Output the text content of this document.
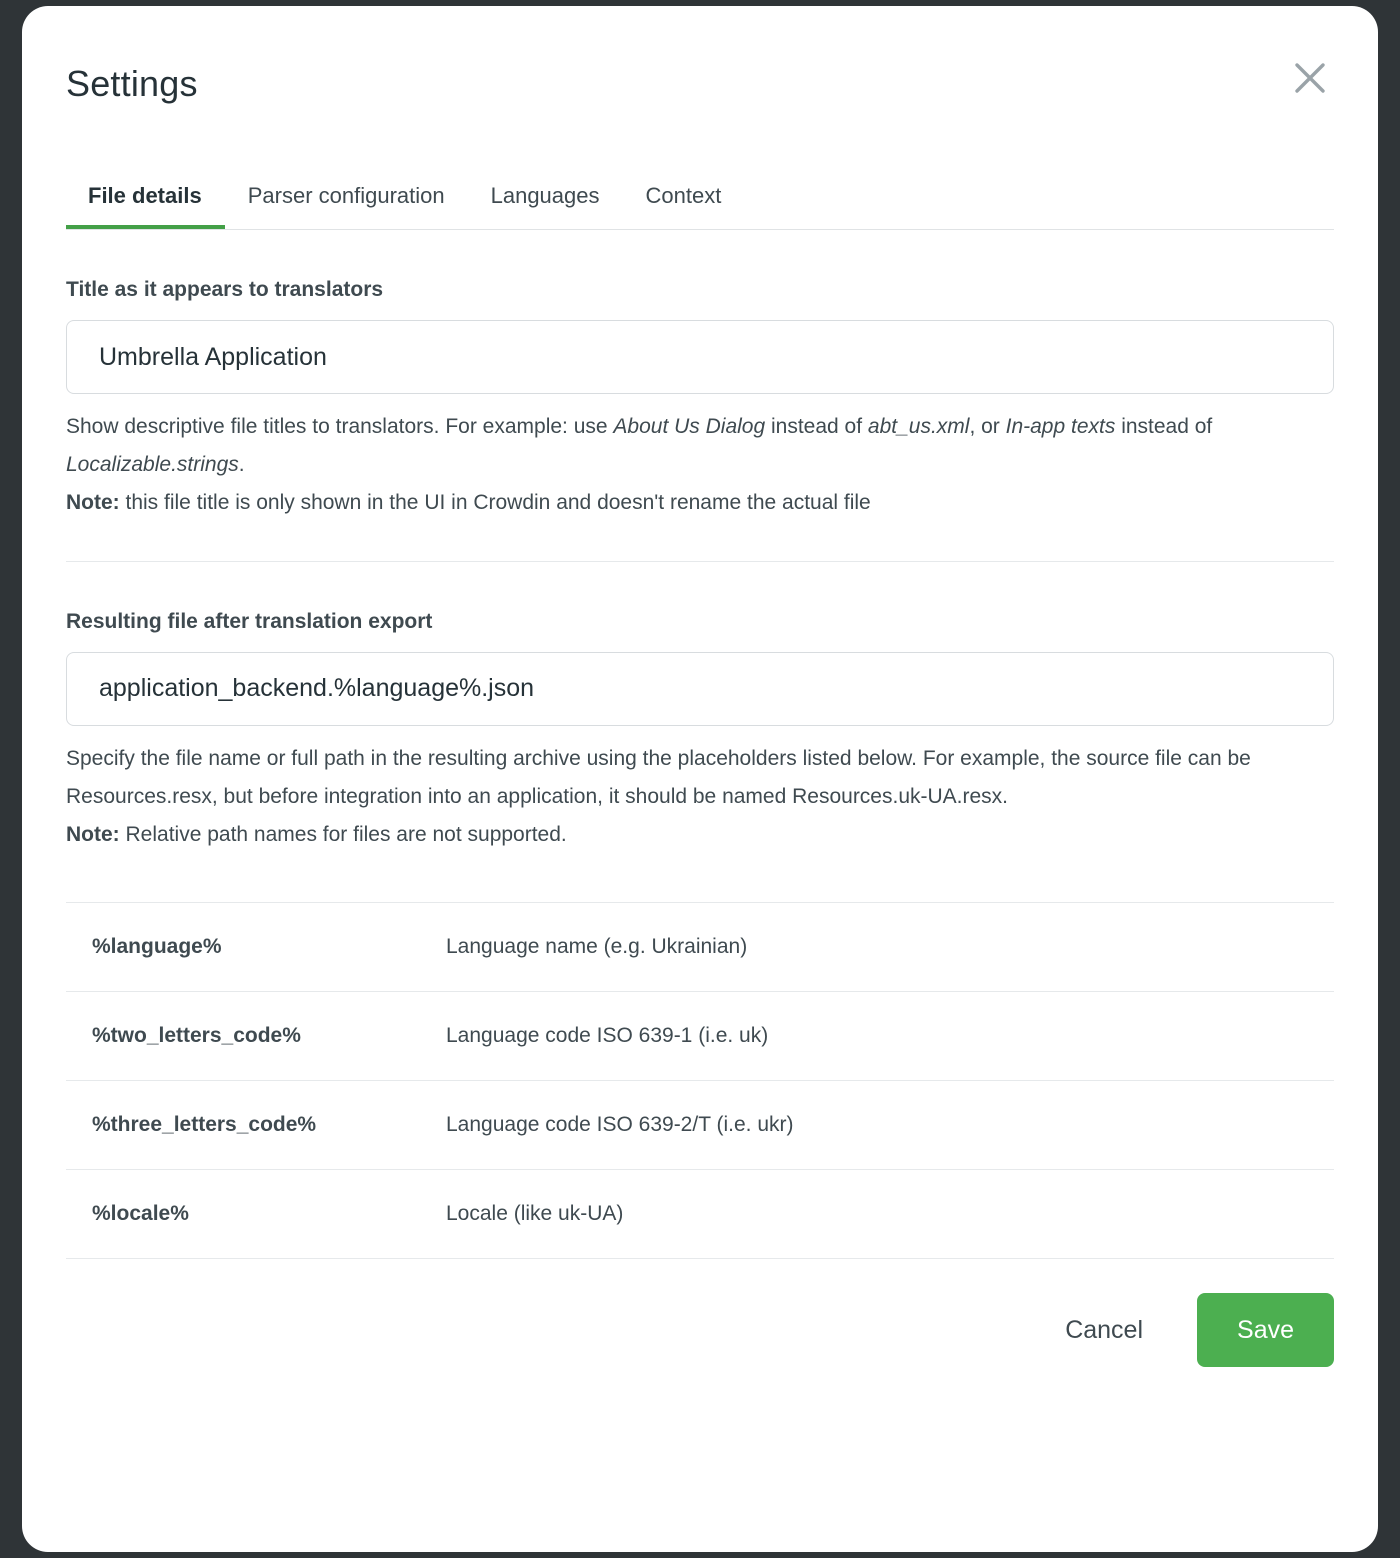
Settings
File details	Parser configuration	Languages	Context
Title as it appears to translators
Umbrella Application
Show descriptive file titles to translators. For example: use About Us Dialog instead of abt_us.xml, or In-app texts instead of Localizable.strings.
Note: this file title is only shown in the UI in Crowdin and doesn't rename the actual file
Resulting file after translation export
application_backend.%language%.json
Specify the file name or full path in the resulting archive using the placeholders listed below. For example, the source file can be Resources.resx, but before integration into an application, it should be named Resources.uk-UA.resx.
Note: Relative path names for files are not supported.
%language%	Language name (e.g. Ukrainian)
%two_letters_code%	Language code ISO 639-1 (i.e. uk)
%three_letters_code%	Language code ISO 639-2/T (i.e. ukr)
%locale%	Locale (like uk-UA)
Cancel	Save
